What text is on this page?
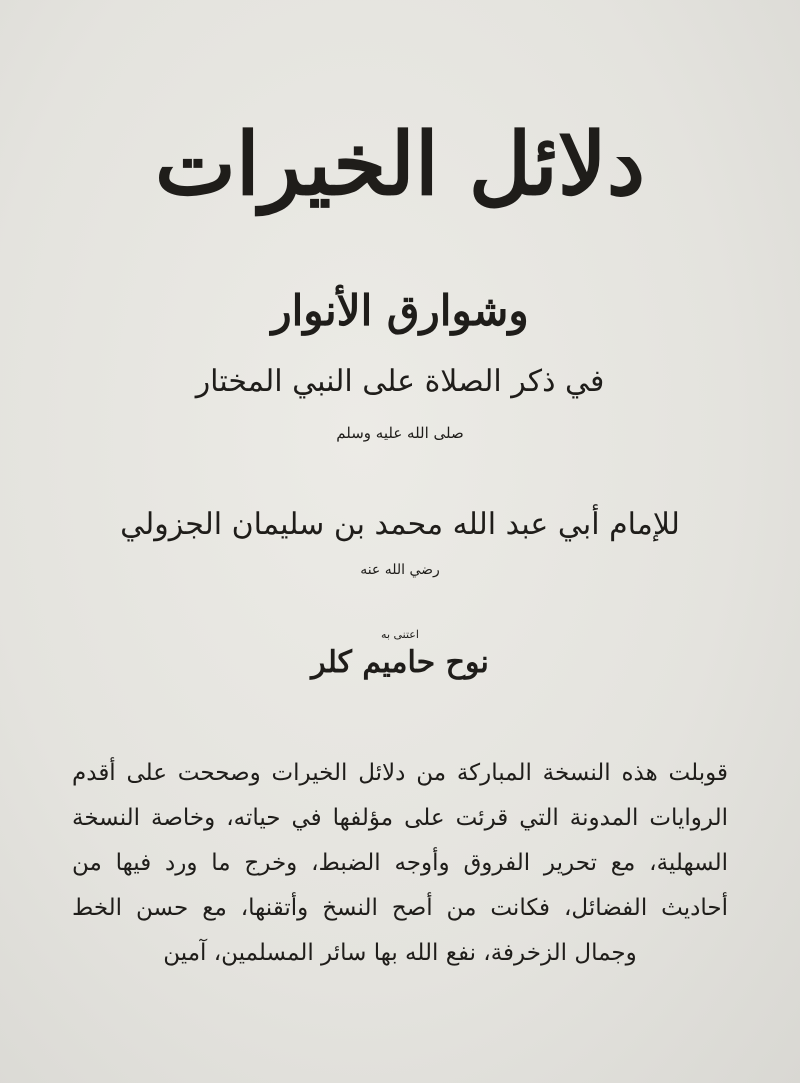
دلائل الخيرات
وشوارق الأنوار
في ذكر الصلاة على النبي المختار
صلى الله عليه وسلم
للإمام أبي عبد الله محمد بن سليمان الجزولي
رضي الله عنه
اعتنى به
نوح حاميم كلر

قوبلت هذه النسخة المباركة من دلائل الخيرات وصححت على أقدم الروايات المدونة التي قرئت على مؤلفها في حياته، وخاصة النسخة السهلية، مع تحرير الفروق وأوجه الضبط، وخرج ما ورد فيها من أحاديث الفضائل، فكانت من أصح النسخ وأتقنها، مع حسن الخط وجمال الزخرفة، نفع الله بها سائر المسلمين، آمين
